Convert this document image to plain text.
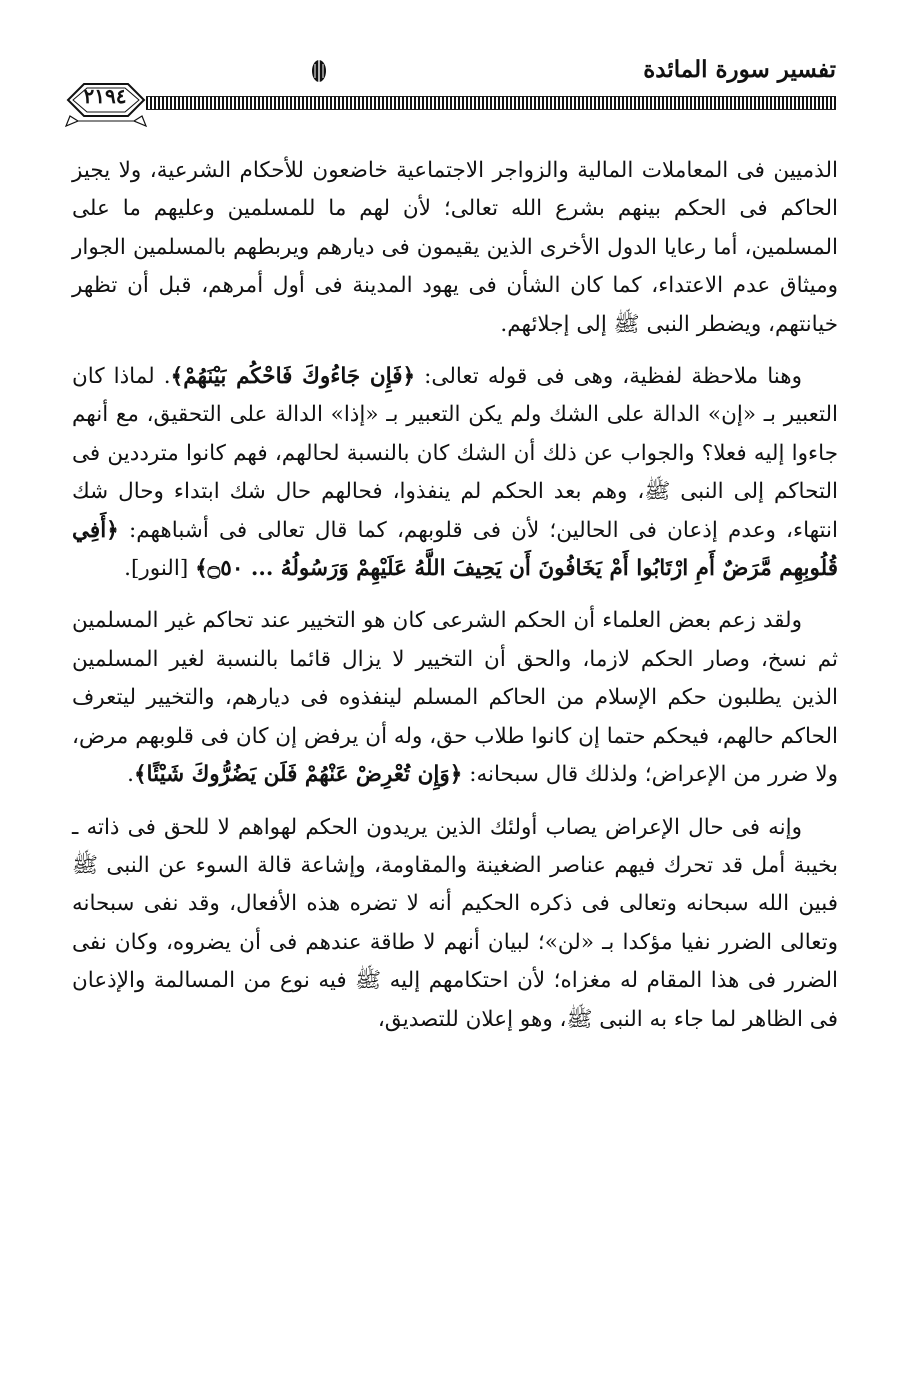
تفسير سورة المائدة
٢١٩٤

الذميين فى المعاملات المالية والزواجر الاجتماعية خاضعون للأحكام الشرعية، ولا يجيز الحاكم فى الحكم بينهم بشرع الله تعالى؛ لأن لهم ما للمسلمين وعليهم ما على المسلمين، أما رعايا الدول الأخرى الذين يقيمون فى ديارهم ويربطهم بالمسلمين الجوار وميثاق عدم الاعتداء، كما كان الشأن فى يهود المدينة فى أول أمرهم، قبل أن تظهر خيانتهم، ويضطر النبى ﷺ إلى إجلائهم.

وهنا ملاحظة لفظية، وهى فى قوله تعالى: ﴿فَإِن جَاءُوكَ فَاحْكُم بَيْنَهُمْ﴾. لماذا كان التعبير بـ «إن» الدالة على الشك ولم يكن التعبير بـ «إذا» الدالة على التحقيق، مع أنهم جاءوا إليه فعلا؟ والجواب عن ذلك أن الشك كان بالنسبة لحالهم، فهم كانوا مترددين فى التحاكم إلى النبى ﷺ، وهم بعد الحكم لم ينفذوا، فحالهم حال شك ابتداء وحال شك انتهاء، وعدم إذعان فى الحالين؛ لأن فى قلوبهم، كما قال تعالى فى أشباههم: ﴿أَفِي قُلُوبِهِم مَّرَضٌ أَمِ ارْتَابُوا أَمْ يَخَافُونَ أَن يَحِيفَ اللَّهُ عَلَيْهِمْ وَرَسُولُهُ ... ۝٥٠﴾ [النور].

ولقد زعم بعض العلماء أن الحكم الشرعى كان هو التخيير عند تحاكم غير المسلمين ثم نسخ، وصار الحكم لازما، والحق أن التخيير لا يزال قائما بالنسبة لغير المسلمين الذين يطلبون حكم الإسلام من الحاكم المسلم لينفذوه فى ديارهم، والتخيير ليتعرف الحاكم حالهم، فيحكم حتما إن كانوا طلاب حق، وله أن يرفض إن كان فى قلوبهم مرض، ولا ضرر من الإعراض؛ ولذلك قال سبحانه: ﴿وَإِن تُعْرِضْ عَنْهُمْ فَلَن يَضُرُّوكَ شَيْئًا﴾.

وإنه فى حال الإعراض يصاب أولئك الذين يريدون الحكم لهواهم لا للحق فى ذاته ـ بخيبة أمل قد تحرك فيهم عناصر الضغينة والمقاومة، وإشاعة قالة السوء عن النبى ﷺ فبين الله سبحانه وتعالى فى ذكره الحكيم أنه لا تضره هذه الأفعال، وقد نفى سبحانه وتعالى الضرر نفيا مؤكدا بـ «لن»؛ لبيان أنهم لا طاقة عندهم فى أن يضروه، وكان نفى الضرر فى هذا المقام له مغزاه؛ لأن احتكامهم إليه ﷺ فيه نوع من المسالمة والإذعان فى الظاهر لما جاء به النبى ﷺ، وهو إعلان للتصديق،
